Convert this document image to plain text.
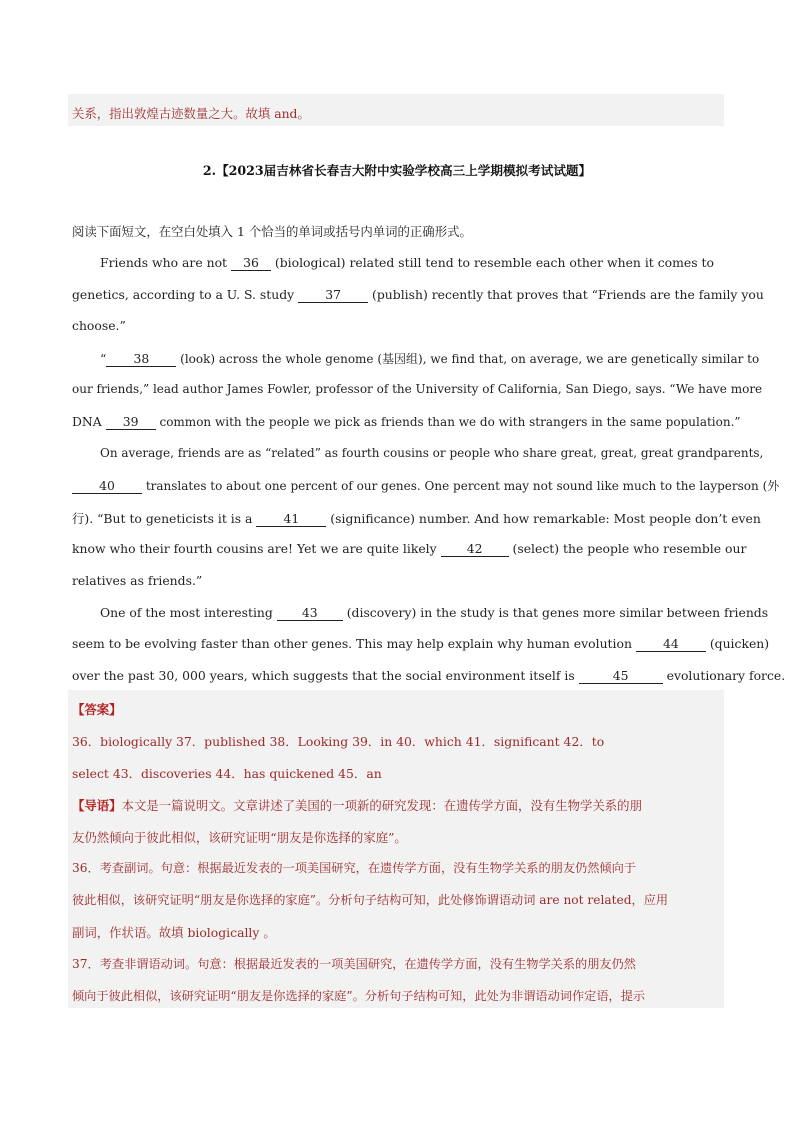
关系，指出敦煌古迹数量之大。故填 and。
2.【2023届吉林省长春吉大附中实验学校高三上学期模拟考试试题】
阅读下面短文，在空白处填入 1 个恰当的单词或括号内单词的正确形式。
Friends who are not 36 (biological) related still tend to resemble each other when it comes to
genetics, according to a U. S. study 37 (publish) recently that proves that “Friends are the family you
choose.”
“ 38 (look) across the whole genome (基因组), we find that, on average, we are genetically similar to
our friends,” lead author James Fowler, professor of the University of California, San Diego, says. “We have more
DNA 39 common with the people we pick as friends than we do with strangers in the same population.”
On average, friends are as “related” as fourth cousins or people who share great, great, great grandparents,
40 translates to about one percent of our genes. One percent may not sound like much to the layperson (外
行). “But to geneticists it is a 41 (significance) number. And how remarkable: Most people don’t even
know who their fourth cousins are! Yet we are quite likely 42 (select) the people who resemble our
relatives as friends.”
One of the most interesting 43 (discovery) in the study is that genes more similar between friends
seem to be evolving faster than other genes. This may help explain why human evolution 44 (quicken)
over the past 30, 000 years, which suggests that the social environment itself is	45	evolutionary force.
【答案】
36．biologically 37．published 38．Looking 39．in 40．which 41．significant 42．to
select 43．discoveries 44．has quickened 45．an
【导语】本文是一篇说明文。文章讲述了美国的一项新的研究发现：在遗传学方面，没有生物学关系的朋
友仍然倾向于彼此相似，该研究证明“朋友是你选择的家庭”。
36．考查副词。句意：根据最近发表的一项美国研究，在遗传学方面，没有生物学关系的朋友仍然倾向于
彼此相似，该研究证明“朋友是你选择的家庭”。分析句子结构可知，此处修饰谓语动词 are not related，应用
副词，作状语。故填 biologically 。
37．考查非谓语动词。句意：根据最近发表的一项美国研究，在遗传学方面，没有生物学关系的朋友仍然
倾向于彼此相似，该研究证明“朋友是你选择的家庭”。分析句子结构可知，此处为非谓语动词作定语，提示
